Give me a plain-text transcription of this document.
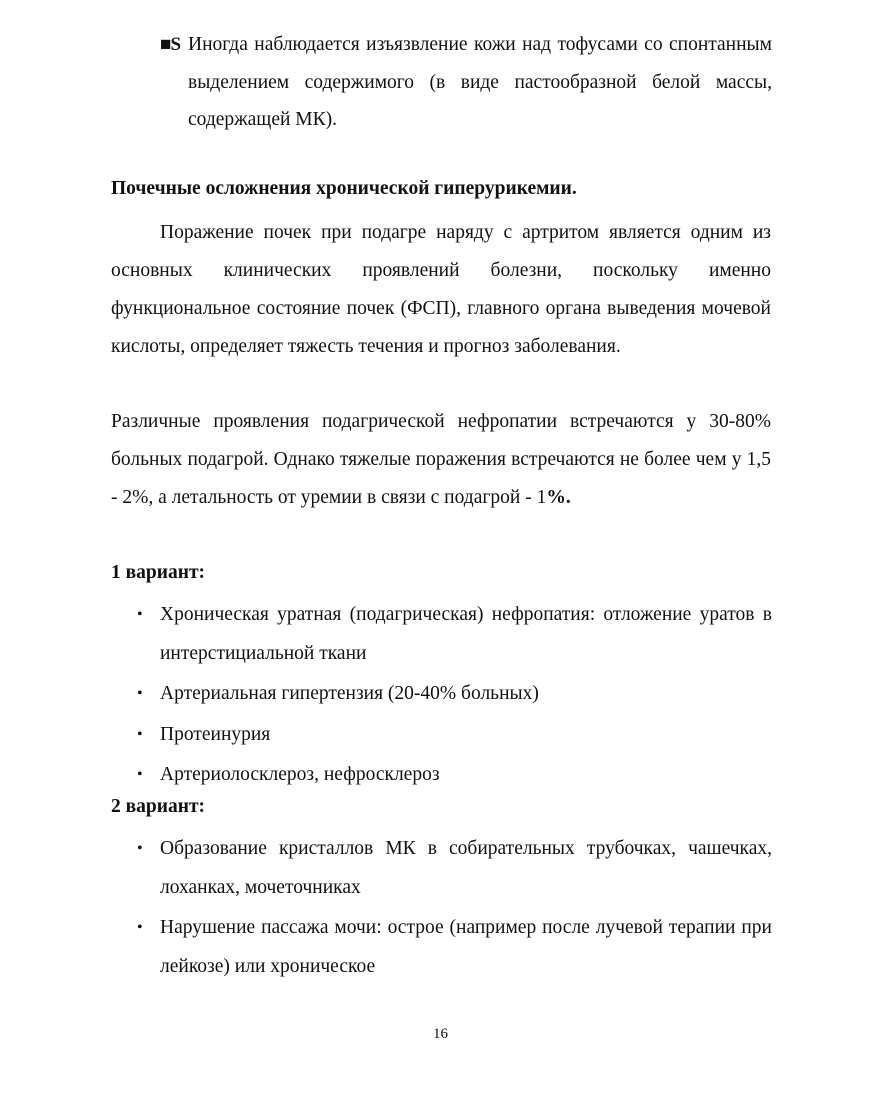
■S Иногда наблюдается изъязвление кожи над тофусами со спонтанным выделением содержимого (в виде пастообразной белой массы, содержащей МК).
Почечные осложнения хронической гиперурикемии.
Поражение почек при подагре наряду с артритом является одним из основных клинических проявлений болезни, поскольку именно функциональное состояние почек (ФСП), главного органа выведения мочевой кислоты, определяет тяжесть течения и прогноз заболевания.
Различные проявления подагрической нефропатии встречаются у 30-80% больных подагрой. Однако тяжелые поражения встречаются не более чем у 1,5 - 2%, а летальность от уремии в связи с подагрой - 1%.
1 вариант:
• Хроническая уратная (подагрическая) нефропатия: отложение уратов в интерстициальной ткани
• Артериальная гипертензия (20-40% больных)
• Протеинурия
• Артериолосклероз, нефросклероз
2 вариант:
• Образование кристаллов МК в собирательных трубочках, чашечках, лоханках, мочеточниках
• Нарушение пассажа мочи: острое (например после лучевой терапии при лейкозе) или хроническое
16
